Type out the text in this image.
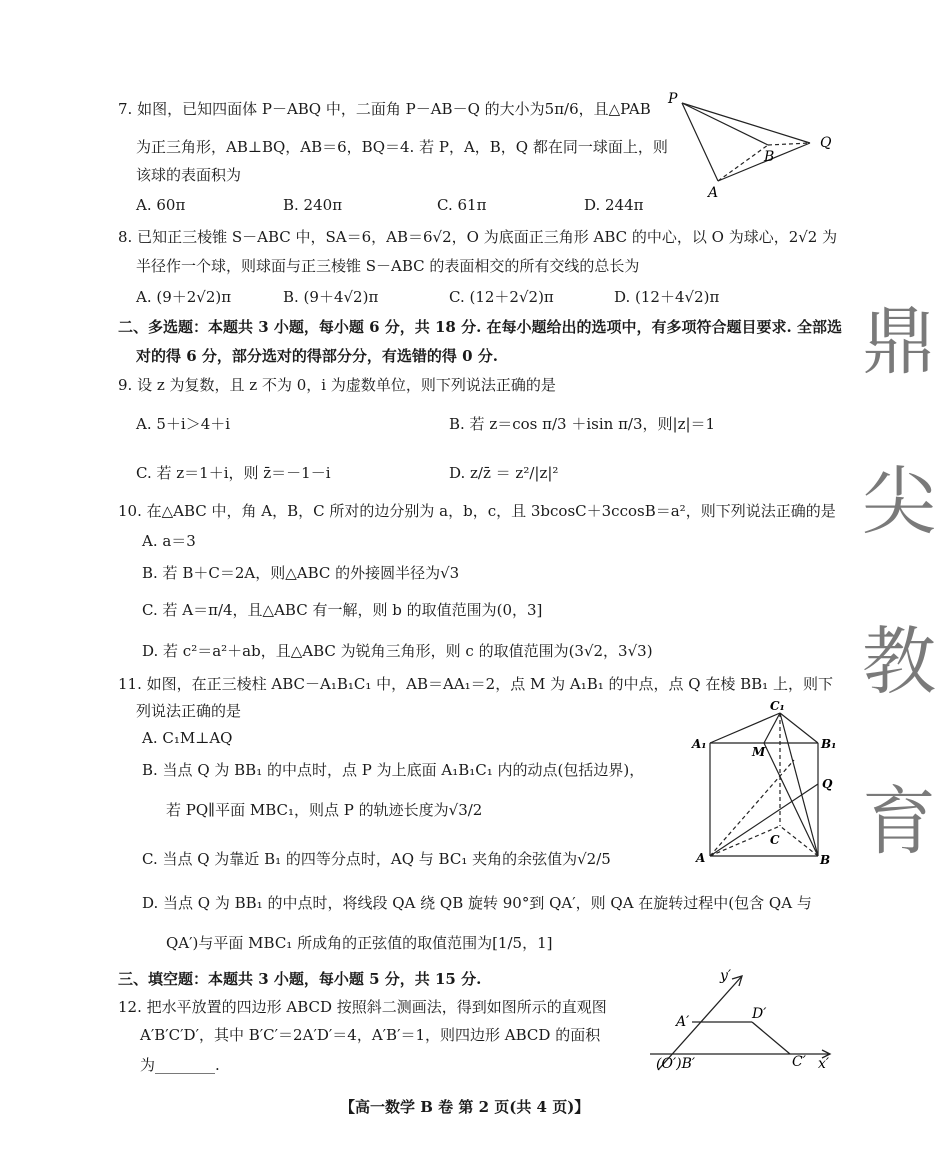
鼎
尖
教
育
7. 如图，已知四面体 P－ABQ 中，二面角 P－AB－Q 的大小为5π/6，且△PAB
为正三角形，AB⊥BQ，AB＝6，BQ＝4. 若 P，A，B，Q 都在同一球面上，则
该球的表面积为
A. 60π	B. 240π	C. 61π	D. 244π
P
Q
B
A
8. 已知正三棱锥 S－ABC 中，SA＝6，AB＝6√2，O 为底面正三角形 ABC 的中心，以 O 为球心，2√2 为
半径作一个球，则球面与正三棱锥 S－ABC 的表面相交的所有交线的总长为
A. (9＋2√2)π	B. (9＋4√2)π	C. (12＋2√2)π	D. (12＋4√2)π
二、多选题：本题共 3 小题，每小题 6 分，共 18 分. 在每小题给出的选项中，有多项符合题目要求. 全部选
对的得 6 分，部分选对的得部分分，有选错的得 0 分.
9. 设 z 为复数，且 z 不为 0，i 为虚数单位，则下列说法正确的是
A. 5＋i＞4＋i	B. 若 z＝cos π/3 ＋isin π/3，则|z|＝1
C. 若 z＝1＋i，则 z̄＝－1－i	D. z/z̄ ＝ z²/|z|²
10. 在△ABC 中，角 A，B，C 所对的边分别为 a，b，c，且 3bcosC＋3ccosB＝a²，则下列说法正确的是
A. a＝3
B. 若 B＋C＝2A，则△ABC 的外接圆半径为√3
C. 若 A＝π/4，且△ABC 有一解，则 b 的取值范围为(0，3]
D. 若 c²＝a²＋ab，且△ABC 为锐角三角形，则 c 的取值范围为(3√2，3√3)
11. 如图，在正三棱柱 ABC－A₁B₁C₁ 中，AB＝AA₁＝2，点 M 为 A₁B₁ 的中点，点 Q 在棱 BB₁ 上，则下
列说法正确的是
A. C₁M⊥AQ
B. 当点 Q 为 BB₁ 的中点时，点 P 为上底面 A₁B₁C₁ 内的动点(包括边界)，
若 PQ∥平面 MBC₁，则点 P 的轨迹长度为√3/2
C. 当点 Q 为靠近 B₁ 的四等分点时，AQ 与 BC₁ 夹角的余弦值为√2/5
D. 当点 Q 为 BB₁ 的中点时，将线段 QA 绕 QB 旋转 90°到 QA′，则 QA 在旋转过程中(包含 QA 与
QA′)与平面 MBC₁ 所成角的正弦值的取值范围为[1/5，1]
C₁
A₁	B₁
M
Q
C
A	B
三、填空题：本题共 3 小题，每小题 5 分，共 15 分.
12. 把水平放置的四边形 ABCD 按照斜二测画法，得到如图所示的直观图
A′B′C′D′，其中 B′C′＝2A′D′＝4，A′B′＝1，则四边形 ABCD 的面积
为________.
y′
A′	D′
(O′)B′	C′ x′
【高一数学 B 卷 第 2 页(共 4 页)】
